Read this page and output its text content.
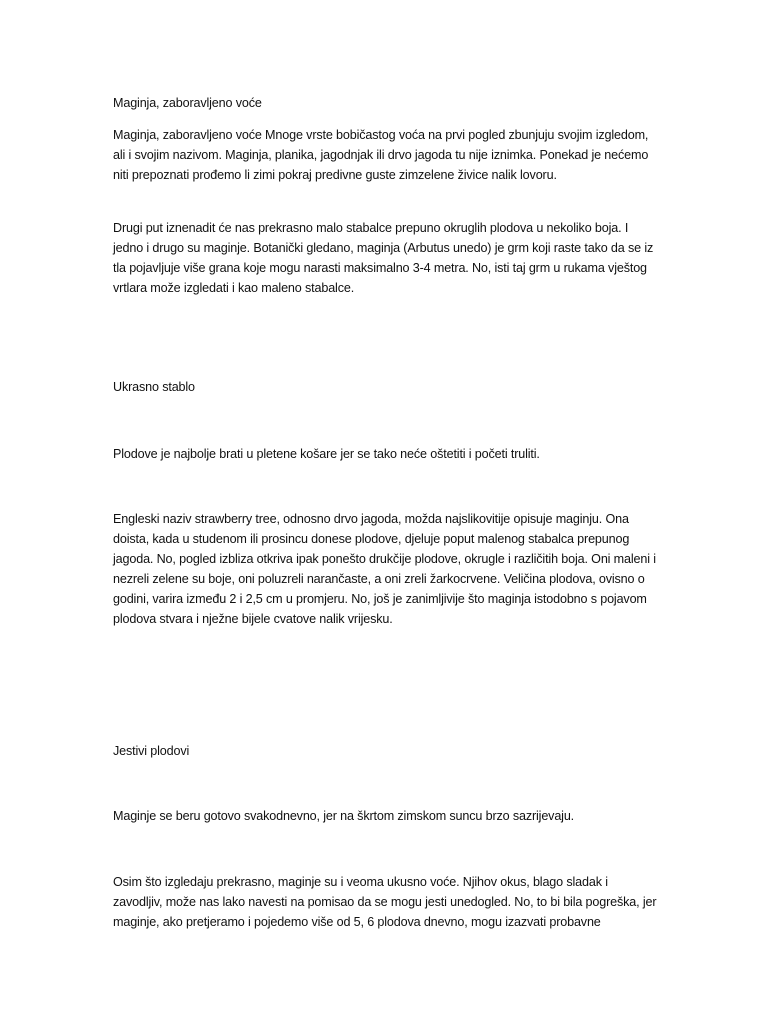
Maginja, zaboravljeno voće

Maginja, zaboravljeno voće Mnoge vrste bobičastog voća na prvi pogled zbunjuju svojim izgledom, ali i svojim nazivom. Maginja, planika, jagodnjak ili drvo jagoda tu nije iznimka. Ponekad je nećemo niti prepoznati prođemo li zimi pokraj predivne guste zimzelene živice nalik lovoru.

Drugi put iznenadit će nas prekrasno malo stabalce prepuno okruglih plodova u nekoliko boja. I jedno i drugo su maginje. Botanički gledano, maginja (Arbutus unedo) je grm koji raste tako da se iz tla pojavljuje više grana koje mogu narasti maksimalno 3-4 metra. No, isti taj grm u rukama vještog vrtlara može izgledati i kao maleno stabalce.

Ukrasno stablo

Plodove je najbolje brati u pletene košare jer se tako neće oštetiti i početi truliti.

Engleski naziv strawberry tree, odnosno drvo jagoda, možda najslikovitije opisuje maginju. Ona doista, kada u studenom ili prosincu donese plodove, djeluje poput malenog stabalca prepunog jagoda. No, pogled izbliza otkriva ipak ponešto drukčije plodove, okrugle i različitih boja. Oni maleni i nezreli zelene su boje, oni poluzreli narančaste, a oni zreli žarkocrvene. Veličina plodova, ovisno o godini, varira između 2 i 2,5 cm u promjeru. No, još je zanimljivije što maginja istodobno s pojavom plodova stvara i nježne bijele cvatove nalik vrijesku.

Jestivi plodovi

Maginje se beru gotovo svakodnevno, jer na škrtom zimskom suncu brzo sazrijevaju.

Osim što izgledaju prekrasno, maginje su i veoma ukusno voće. Njihov okus, blago sladak i zavodljiv, može nas lako navesti na pomisao da se mogu jesti unedogled. No, to bi bila pogreška, jer maginje, ako pretjeramo i pojedemo više od 5, 6 plodova dnevno, mogu izazvati probavne
